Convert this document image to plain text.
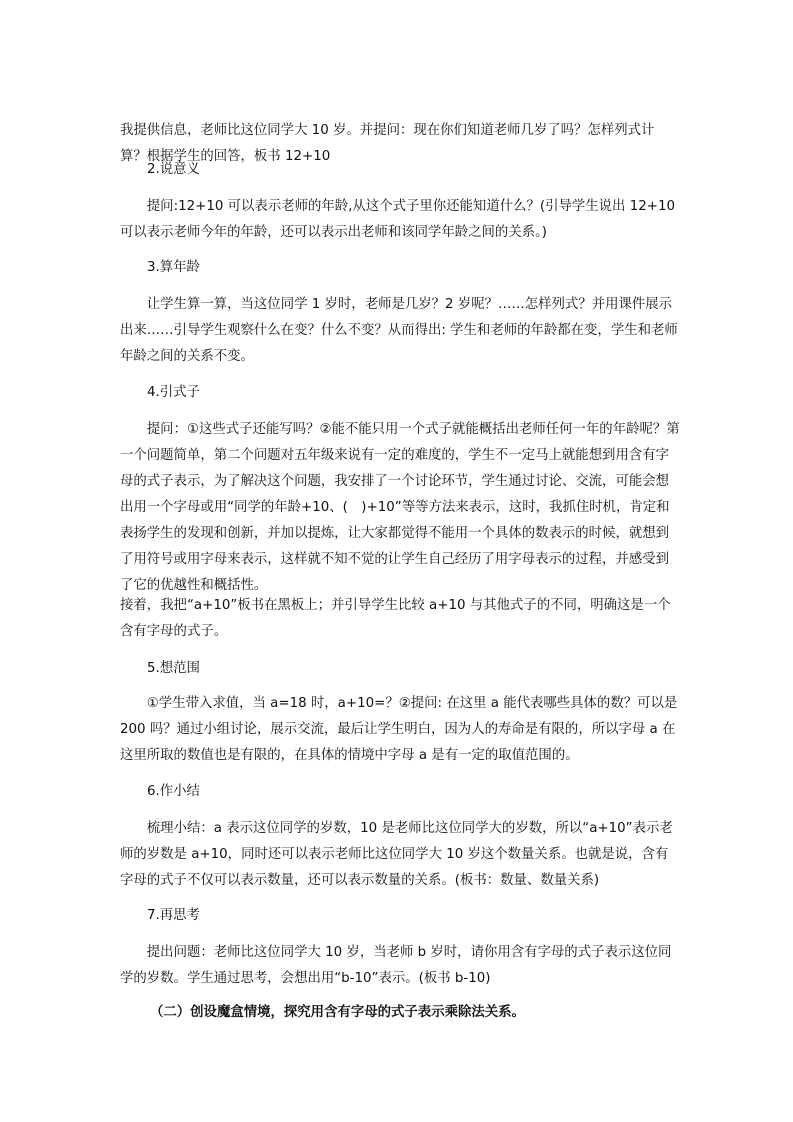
我提供信息，老师比这位同学大 10 岁。并提问：现在你们知道老师几岁了吗？怎样列式计算？根据学生的回答，板书 12+10

2.说意义

提问:12+10 可以表示老师的年龄,从这个式子里你还能知道什么？(引导学生说出 12+10 可以表示老师今年的年龄，还可以表示出老师和该同学年龄之间的关系。)

3.算年龄

让学生算一算，当这位同学 1 岁时，老师是几岁？2 岁呢？……怎样列式？并用课件展示出来……引导学生观察什么在变？什么不变？从而得出: 学生和老师的年龄都在变，学生和老师年龄之间的关系不变。

4.引式子

提问：①这些式子还能写吗？②能不能只用一个式子就能概括出老师任何一年的年龄呢？第一个问题简单，第二个问题对五年级来说有一定的难度的，学生不一定马上就能想到用含有字母的式子表示，为了解决这个问题，我安排了一个讨论环节，学生通过讨论、交流，可能会想出用一个字母或用“同学的年龄+10、(　)+10”等等方法来表示，这时，我抓住时机，肯定和表扬学生的发现和创新，并加以提炼，让大家都觉得不能用一个具体的数表示的时候，就想到了用符号或用字母来表示，这样就不知不觉的让学生自己经历了用字母表示的过程，并感受到了它的优越性和概括性。

接着，我把“a+10”板书在黑板上；并引导学生比较 a+10 与其他式子的不同，明确这是一个含有字母的式子。

5.想范围

①学生带入求值，当 a=18 时，a+10=？②提问: 在这里 a 能代表哪些具体的数？可以是 200 吗？通过小组讨论，展示交流，最后让学生明白，因为人的寿命是有限的，所以字母 a 在这里所取的数值也是有限的，在具体的情境中字母 a 是有一定的取值范围的。

6.作小结

梳理小结：a 表示这位同学的岁数，10 是老师比这位同学大的岁数，所以“a+10”表示老师的岁数是 a+10，同时还可以表示老师比这位同学大 10 岁这个数量关系。也就是说，含有字母的式子不仅可以表示数量，还可以表示数量的关系。(板书：数量、数量关系)

7.再思考

提出问题：老师比这位同学大 10 岁，当老师 b 岁时，请你用含有字母的式子表示这位同学的岁数。学生通过思考，会想出用“b-10”表示。(板书 b-10)

（二）创设魔盒情境，探究用含有字母的式子表示乘除法关系。
